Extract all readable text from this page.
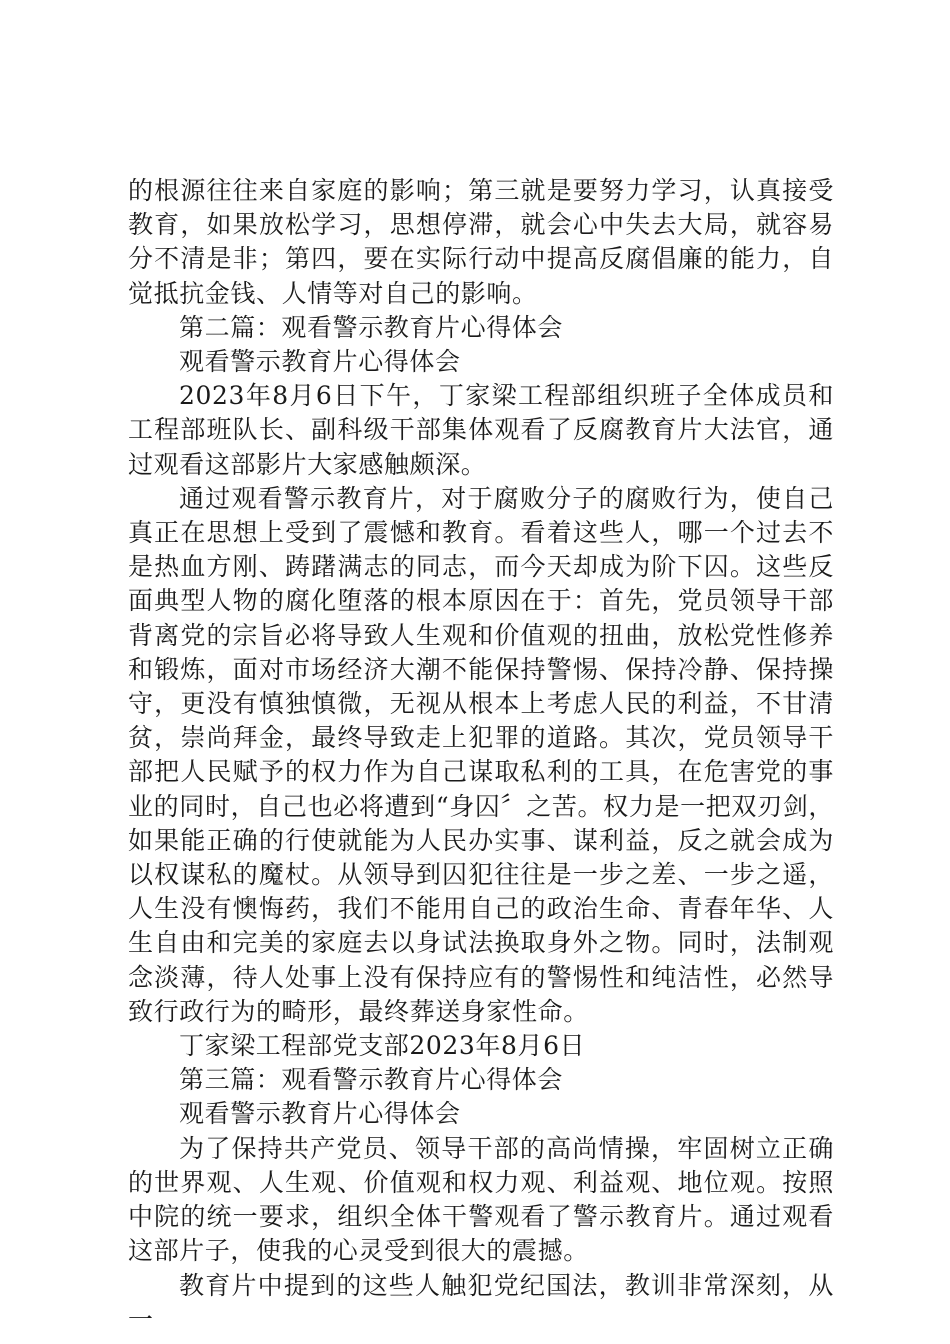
的根源往往来自家庭的影响；第三就是要努力学习，认真接受教育，如果放松学习，思想停滞，就会心中失去大局，就容易分不清是非；第四，要在实际行动中提高反腐倡廉的能力，自觉抵抗金钱、人情等对自己的影响。

第二篇：观看警示教育片心得体会

观看警示教育片心得体会

2023年8月6日下午，丁家梁工程部组织班子全体成员和工程部班队长、副科级干部集体观看了反腐教育片大法官，通过观看这部影片大家感触颇深。

通过观看警示教育片，对于腐败分子的腐败行为，使自己真正在思想上受到了震憾和教育。看着这些人，哪一个过去不是热血方刚、踌躇满志的同志，而今天却成为阶下囚。这些反面典型人物的腐化堕落的根本原因在于：首先，党员领导干部背离党的宗旨必将导致人生观和价值观的扭曲，放松党性修养和锻炼，面对市场经济大潮不能保持警惕、保持冷静、保持操守，更没有慎独慎微，无视从根本上考虑人民的利益，不甘清贫，崇尚拜金，最终导致走上犯罪的道路。其次，党员领导干部把人民赋予的权力作为自己谋取私利的工具，在危害党的事业的同时，自己也必将遭到“身囚〞之苦。权力是一把双刃剑，如果能正确的行使就能为人民办实事、谋利益，反之就会成为以权谋私的魔杖。从领导到囚犯往往是一步之差、一步之遥，人生没有懊悔药，我们不能用自己的政治生命、青春年华、人生自由和完美的家庭去以身试法换取身外之物。同时，法制观念淡薄，待人处事上没有保持应有的警惕性和纯洁性，必然导致行政行为的畸形，最终葬送身家性命。

丁家梁工程部党支部2023年8月6日

第三篇：观看警示教育片心得体会

观看警示教育片心得体会

为了保持共产党员、领导干部的高尚情操，牢固树立正确的世界观、人生观、价值观和权力观、利益观、地位观。按照中院的统一要求，组织全体干警观看了警示教育片。通过观看这部片子，使我的心灵受到很大的震撼。

教育片中提到的这些人触犯党纪国法，教训非常深刻，从一
